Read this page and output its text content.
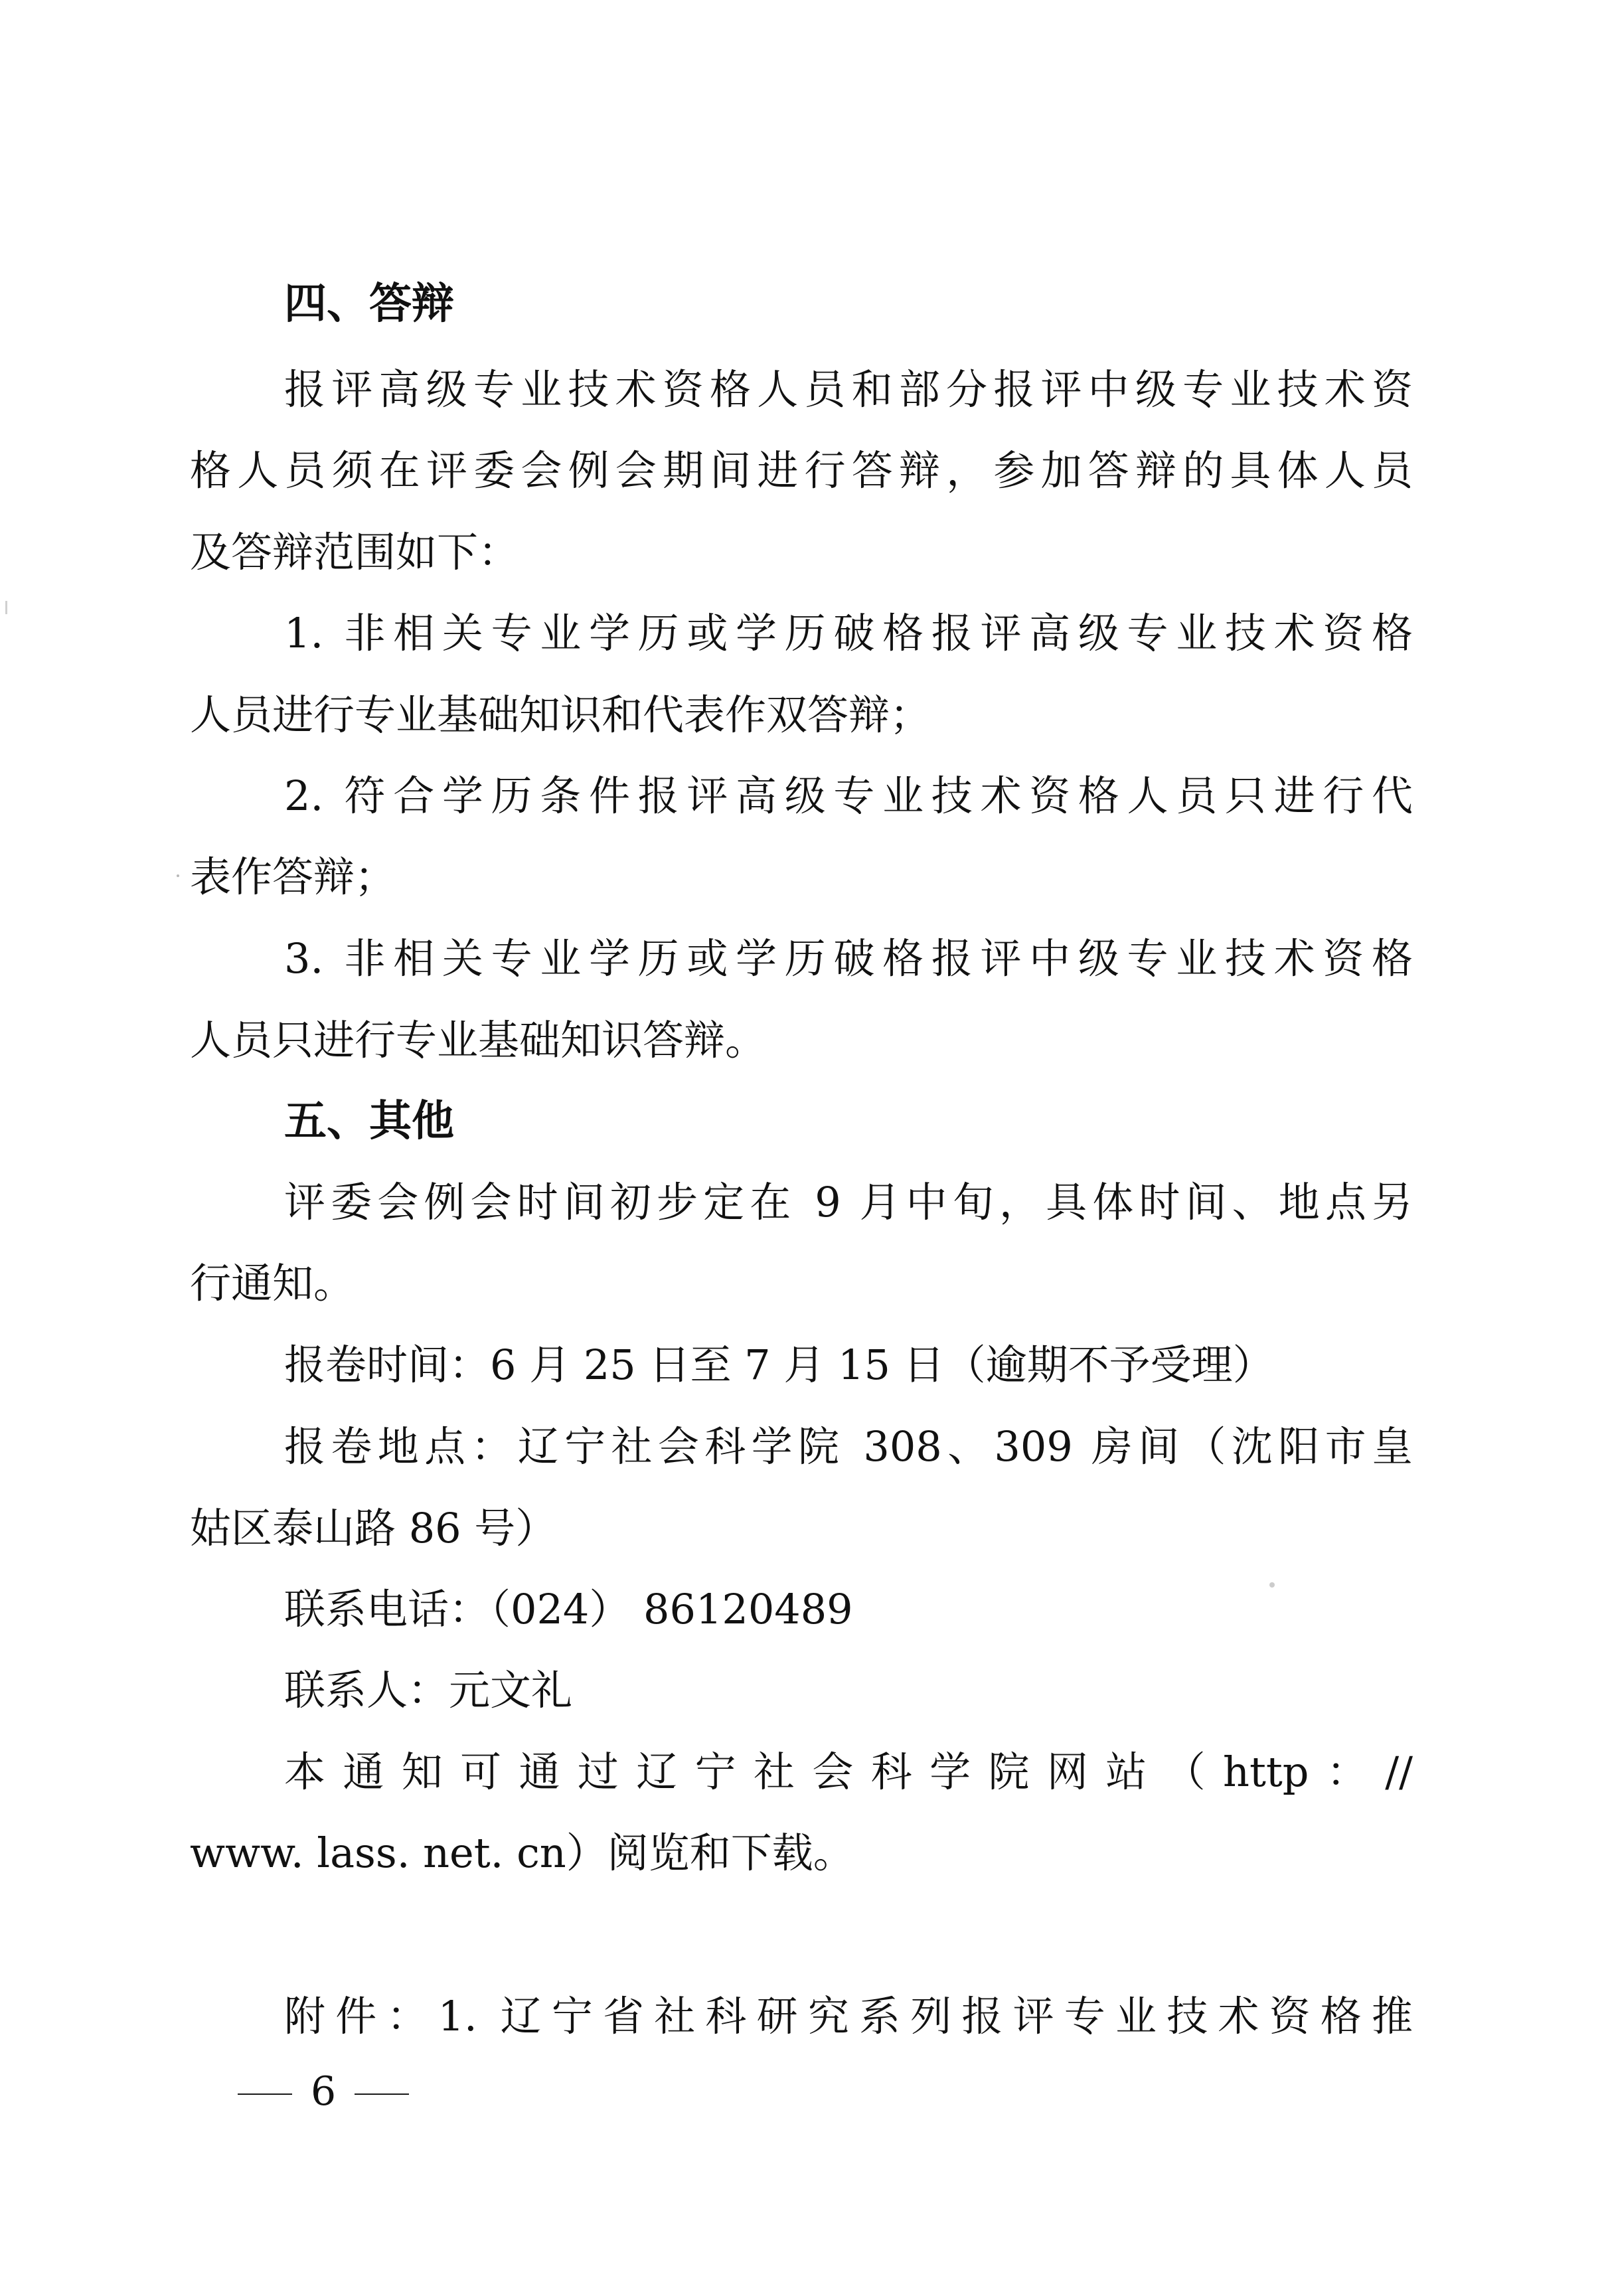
四、答辩

报评高级专业技术资格人员和部分报评中级专业技术资

格人员须在评委会例会期间进行答辩，参加答辩的具体人员

及答辩范围如下：

1. 非相关专业学历或学历破格报评高级专业技术资格

人员进行专业基础知识和代表作双答辩；

2. 符合学历条件报评高级专业技术资格人员只进行代

表作答辩；

3. 非相关专业学历或学历破格报评中级专业技术资格

人员只进行专业基础知识答辩。

五、其他

评委会例会时间初步定在 9 月中旬，具体时间、地点另

行通知。

报卷时间：6 月 25 日至 7 月 15 日（逾期不予受理）

报卷地点：辽宁社会科学院 308、309 房间（沈阳市皇

姑区泰山路 86 号）

联系电话：（024） 86120489

联系人：元文礼

本通知可通过辽宁社会科学院网站（http：//

www. lass. net. cn）阅览和下载。

附件：1. 辽宁省社科研究系列报评专业技术资格推

6
